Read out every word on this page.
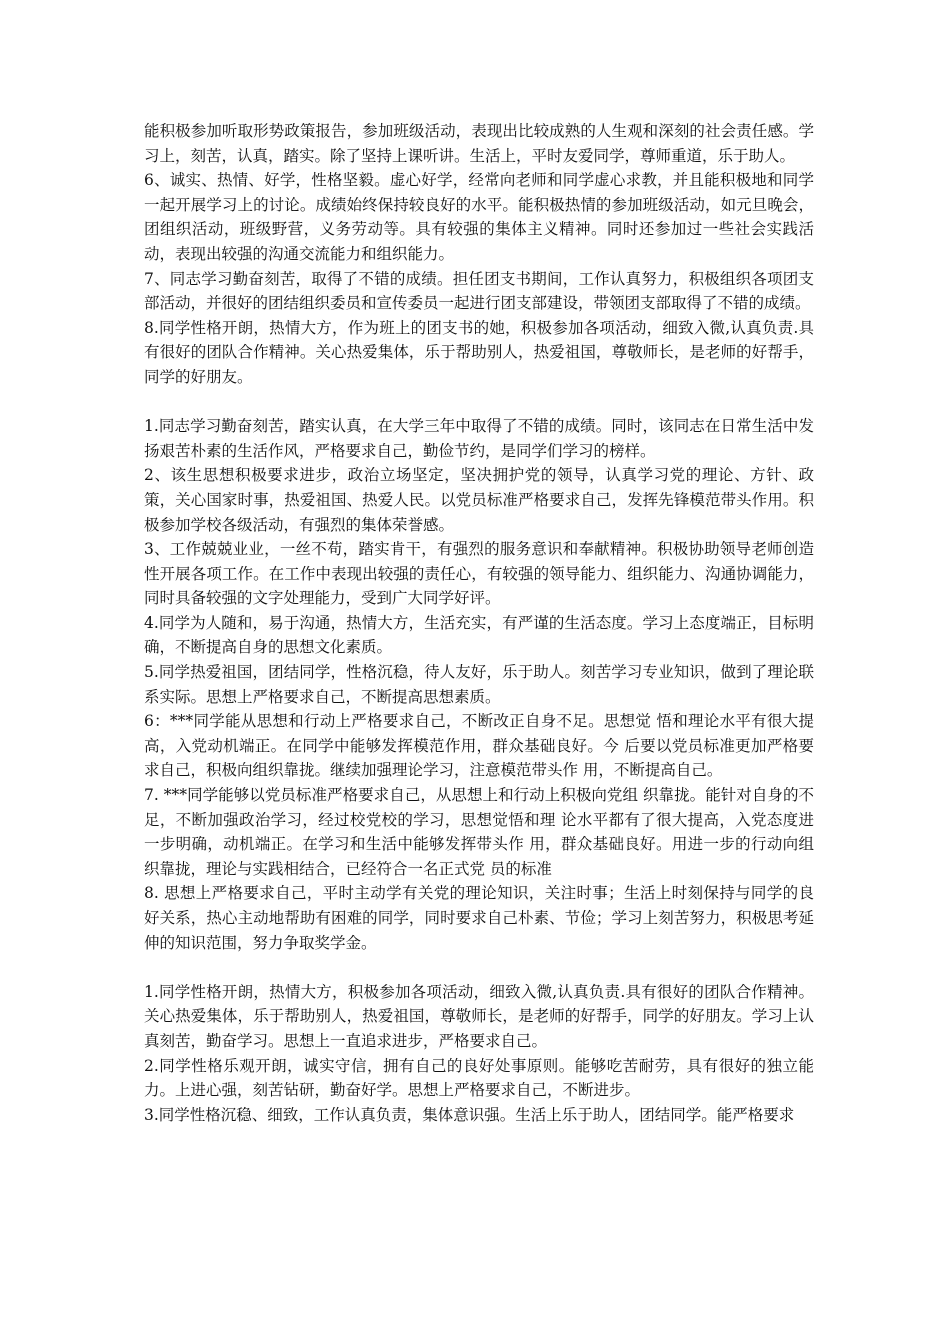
能积极参加听取形势政策报告，参加班级活动，表现出比较成熟的人生观和深刻的社会责任感。学习上，刻苦，认真，踏实。除了坚持上课听讲。生活上，平时友爱同学，尊师重道，乐于助人。

6、诚实、热情、好学，性格坚毅。虚心好学，经常向老师和同学虚心求教，并且能积极地和同学一起开展学习上的讨论。成绩始终保持较良好的水平。能积极热情的参加班级活动，如元旦晚会，团组织活动，班级野营，义务劳动等。具有较强的集体主义精神。同时还参加过一些社会实践活动，表现出较强的沟通交流能力和组织能力。

7、同志学习勤奋刻苦，取得了不错的成绩。担任团支书期间，工作认真努力，积极组织各项团支部活动，并很好的团结组织委员和宣传委员一起进行团支部建设，带领团支部取得了不错的成绩。

8.同学性格开朗，热情大方，作为班上的团支书的她，积极参加各项活动，细致入微,认真负责.具有很好的团队合作精神。关心热爱集体，乐于帮助别人，热爱祖国，尊敬师长，是老师的好帮手，同学的好朋友。

1.同志学习勤奋刻苦，踏实认真，在大学三年中取得了不错的成绩。同时，该同志在日常生活中发扬艰苦朴素的生活作风，严格要求自己，勤俭节约，是同学们学习的榜样。

2、该生思想积极要求进步，政治立场坚定，坚决拥护党的领导，认真学习党的理论、方针、政策，关心国家时事，热爱祖国、热爱人民。以党员标准严格要求自己，发挥先锋模范带头作用。积极参加学校各级活动，有强烈的集体荣誉感。

3、工作兢兢业业，一丝不苟，踏实肯干，有强烈的服务意识和奉献精神。积极协助领导老师创造性开展各项工作。在工作中表现出较强的责任心，有较强的领导能力、组织能力、沟通协调能力，同时具备较强的文字处理能力，受到广大同学好评。

4.同学为人随和，易于沟通，热情大方，生活充实，有严谨的生活态度。学习上态度端正，目标明确，不断提高自身的思想文化素质。

5.同学热爱祖国，团结同学，性格沉稳，待人友好，乐于助人。刻苦学习专业知识，做到了理论联系实际。思想上严格要求自己，不断提高思想素质。

6：***同学能从思想和行动上严格要求自己，不断改正自身不足。思想觉 悟和理论水平有很大提高，入党动机端正。在同学中能够发挥模范作用，群众基础良好。今 后要以党员标准更加严格要求自己，积极向组织靠拢。继续加强理论学习，注意模范带头作 用，不断提高自己。

7. ***同学能够以党员标准严格要求自己，从思想上和行动上积极向党组 织靠拢。能针对自身的不足，不断加强政治学习，经过校党校的学习，思想觉悟和理 论水平都有了很大提高，入党态度进一步明确，动机端正。在学习和生活中能够发挥带头作 用，群众基础良好。用进一步的行动向组织靠拢，理论与实践相结合，已经符合一名正式党 员的标准

8. 思想上严格要求自己，平时主动学有关党的理论知识，关注时事；生活上时刻保持与同学的良好关系，热心主动地帮助有困难的同学，同时要求自己朴素、节俭；学习上刻苦努力，积极思考延伸的知识范围，努力争取奖学金。

1.同学性格开朗，热情大方，积极参加各项活动，细致入微,认真负责.具有很好的团队合作精神。关心热爱集体，乐于帮助别人，热爱祖国，尊敬师长，是老师的好帮手，同学的好朋友。学习上认真刻苦，勤奋学习。思想上一直追求进步，严格要求自己。

2.同学性格乐观开朗，诚实守信，拥有自己的良好处事原则。能够吃苦耐劳，具有很好的独立能力。上进心强，刻苦钻研，勤奋好学。思想上严格要求自己，不断进步。

3.同学性格沉稳、细致，工作认真负责，集体意识强。生活上乐于助人，团结同学。能严格要求
